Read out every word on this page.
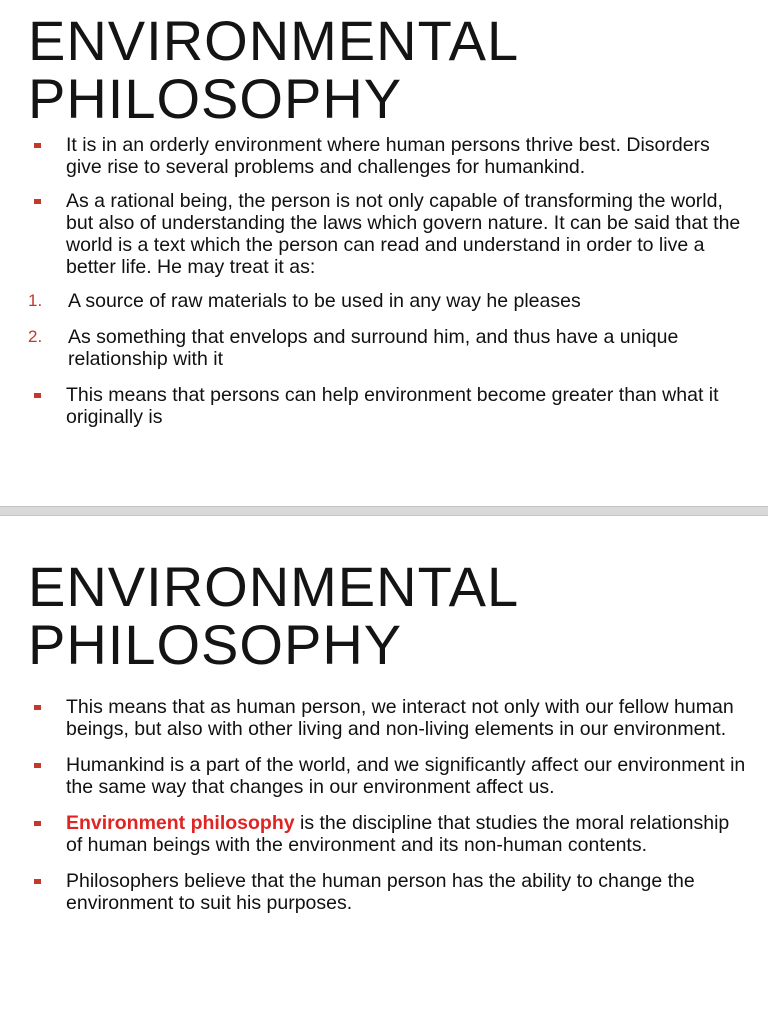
ENVIRONMENTAL
PHILOSOPHY
It is in an orderly environment where human persons thrive best. Disorders give rise to several problems and challenges for humankind.
As a rational being, the person is not only capable of transforming the world, but also of understanding the laws which govern nature. It can be said that the world is a text which the person can read and understand in order to live a better life. He may treat it as:
1. A source of raw materials to be used in any way he pleases
2. As something that envelops and surround him, and thus have a unique relationship with it
This means that persons can help environment become greater than what it originally is
ENVIRONMENTAL
PHILOSOPHY
This means that as human person, we interact not only with our fellow human beings, but also with other living and non-living elements in our environment.
Humankind is a part of the world, and we significantly affect our environment in the same way that changes in our environment affect us.
Environment philosophy is the discipline that studies the moral relationship of human beings with the environment and its non-human contents.
Philosophers believe that the human person has the ability to change the environment to suit his purposes.
